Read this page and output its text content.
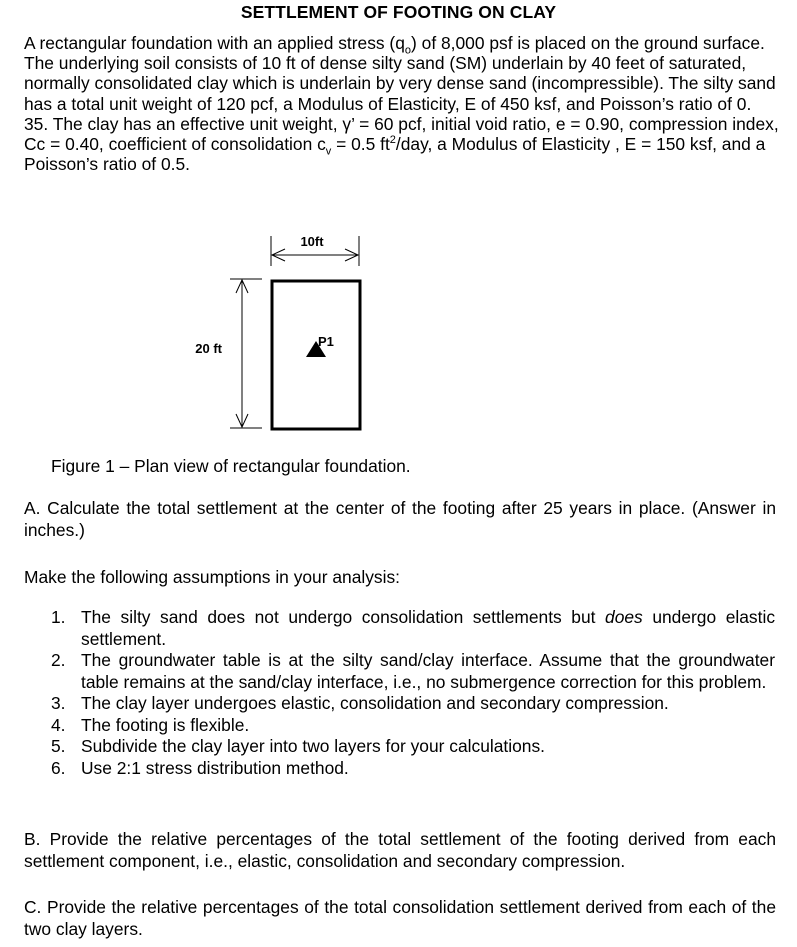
SETTLEMENT OF FOOTING ON CLAY

A rectangular foundation with an applied stress $(q_o)$ of 8,000 psf is placed on the ground surface. The underlying soil consists of 10 ft of dense silty sand (SM) underlain by 40 feet of saturated, normally consolidated clay which is underlain by very dense sand (incompressible). The silty sand has a total unit weight of 120 pcf, a Modulus of Elasticity, E of 450 ksf, and Poisson’s ratio of 0. 35. The clay has an effective unit weight, γ’ = 60 pcf, initial void ratio, e = 0.90, compression index, Cc = 0.40, coefficient of consolidation $c_v = 0.5$ $ft^2$/day, a Modulus of Elasticity , E = 150 ksf, and a Poisson’s ratio of 0.5.

10ft
20 ft	P1
Figure 1 – Plan view of rectangular foundation.

A. Calculate the total settlement at the center of the footing after 25 years in place. (Answer in inches.)

Make the following assumptions in your analysis:

1. The silty sand does not undergo consolidation settlements but does undergo elastic settlement.
2. The groundwater table is at the silty sand/clay interface. Assume that the groundwater table remains at the sand/clay interface, i.e., no submergence correction for this problem.
3. The clay layer undergoes elastic, consolidation and secondary compression.
4. The footing is flexible.
5. Subdivide the clay layer into two layers for your calculations.
6. Use 2:1 stress distribution method.

B. Provide the relative percentages of the total settlement of the footing derived from each settlement component, i.e., elastic, consolidation and secondary compression.

C. Provide the relative percentages of the total consolidation settlement derived from each of the two clay layers.
